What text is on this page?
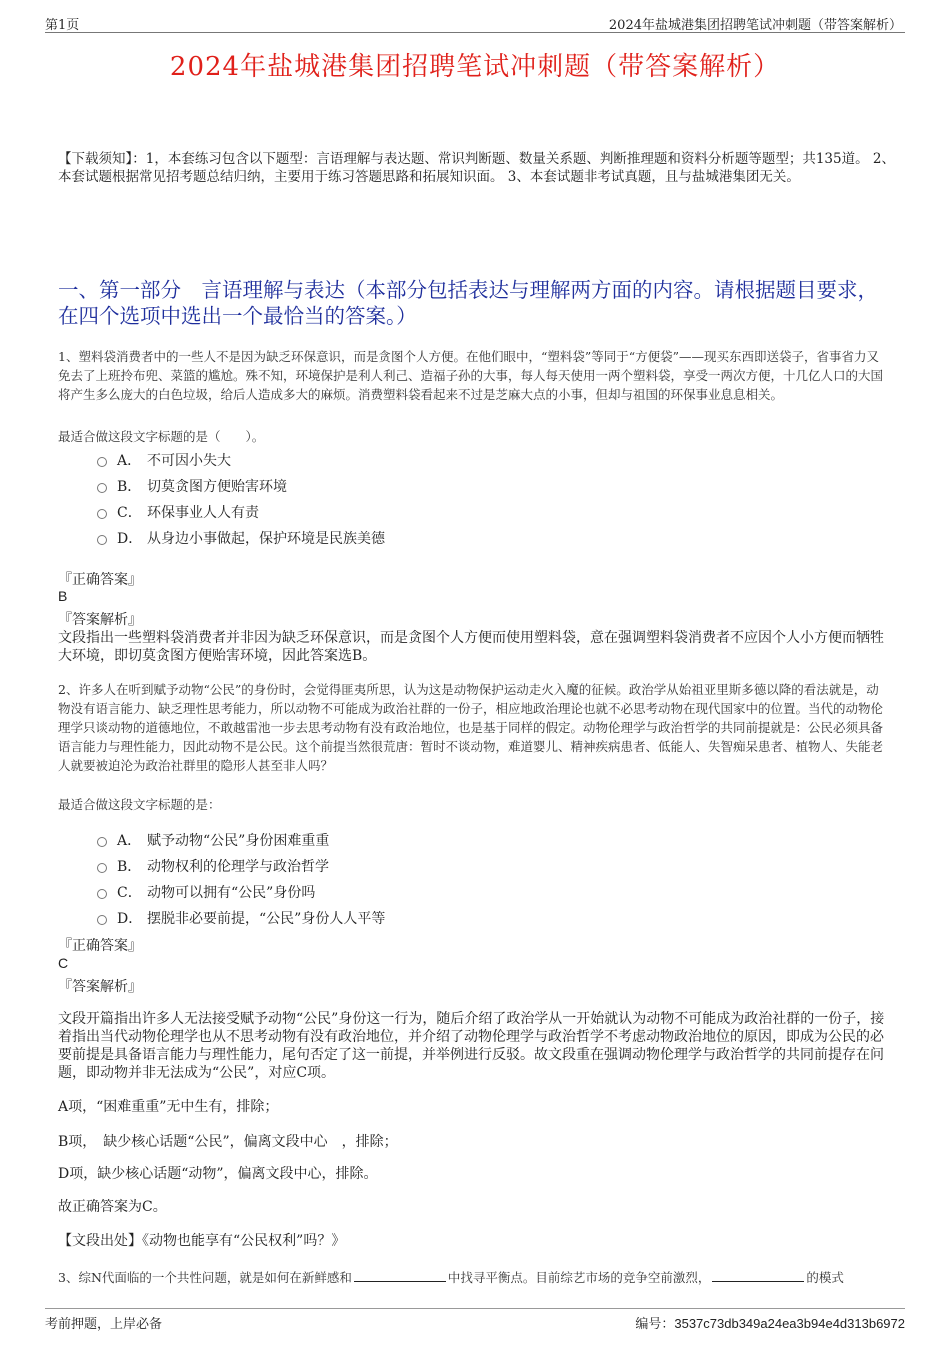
第1页	2024年盐城港集团招聘笔试冲刺题（带答案解析）
2024年盐城港集团招聘笔试冲刺题（带答案解析）
【下载须知】：1，本套练习包含以下题型：言语理解与表达题、常识判断题、数量关系题、判断推理题和资料分析题等题型；共135道。 2、本套试题根据常见招考题总结归纳，主要用于练习答题思路和拓展知识面。 3、本套试题非考试真题，且与盐城港集团无关。
一、第一部分　言语理解与表达（本部分包括表达与理解两方面的内容。请根据题目要求，在四个选项中选出一个最恰当的答案。）
1、塑料袋消费者中的一些人不是因为缺乏环保意识，而是贪图个人方便。在他们眼中，“塑料袋”等同于“方便袋”——现买东西即送袋子，省事省力又免去了上班拎布兜、菜篮的尴尬。殊不知，环境保护是利人利己、造福子孙的大事，每人每天使用一两个塑料袋，享受一两次方便，十几亿人口的大国将产生多么庞大的白色垃圾，给后人造成多大的麻烦。消费塑料袋看起来不过是芝麻大点的小事，但却与祖国的环保事业息息相关。
最适合做这段文字标题的是（　　）。
A． 不可因小失大
B． 切莫贪图方便贻害环境
C． 环保事业人人有责
D． 从身边小事做起，保护环境是民族美德
『正确答案』
B
『答案解析』
文段指出一些塑料袋消费者并非因为缺乏环保意识，而是贪图个人方便而使用塑料袋，意在强调塑料袋消费者不应因个人小方便而牺牲大环境，即切莫贪图方便贻害环境，因此答案选B。
2、许多人在听到赋予动物“公民”的身份时，会觉得匪夷所思，认为这是动物保护运动走火入魔的征候。政治学从始祖亚里斯多德以降的看法就是，动物没有语言能力、缺乏理性思考能力，所以动物不可能成为政治社群的一份子，相应地政治理论也就不必思考动物在现代国家中的位置。当代的动物伦理学只谈动物的道德地位，不敢越雷池一步去思考动物有没有政治地位，也是基于同样的假定。动物伦理学与政治哲学的共同前提就是：公民必须具备语言能力与理性能力，因此动物不是公民。这个前提当然很荒唐：暂时不谈动物，难道婴儿、精神疾病患者、低能人、失智痴呆患者、植物人、失能老人就要被迫沦为政治社群里的隐形人甚至非人吗？
最适合做这段文字标题的是：
A． 赋予动物“公民”身份困难重重
B． 动物权利的伦理学与政治哲学
C． 动物可以拥有“公民”身份吗
D． 摆脱非必要前提，“公民”身份人人平等
『正确答案』
C
『答案解析』
文段开篇指出许多人无法接受赋予动物“公民”身份这一行为，随后介绍了政治学从一开始就认为动物不可能成为政治社群的一份子，接着指出当代动物伦理学也从不思考动物有没有政治地位，并介绍了动物伦理学与政治哲学不考虑动物政治地位的原因，即成为公民的必要前提是具备语言能力与理性能力，尾句否定了这一前提，并举例进行反驳。故文段重在强调动物伦理学与政治哲学的共同前提存在问题，即动物并非无法成为“公民”，对应C项。
A项，“困难重重”无中生有，排除；
B项，　缺少核心话题“公民”，偏离文段中心　，排除；
D项，缺少核心话题“动物”，偏离文段中心，排除。
故正确答案为C。
【文段出处】《动物也能享有“公民权利”吗？》
3、综N代面临的一个共性问题，就是如何在新鲜感和	中找寻平衡点。目前综艺市场的竞争空前激烈，	的模式
考前押题，上岸必备	编号：3537c73db349a24ea3b94e4d313b6972
